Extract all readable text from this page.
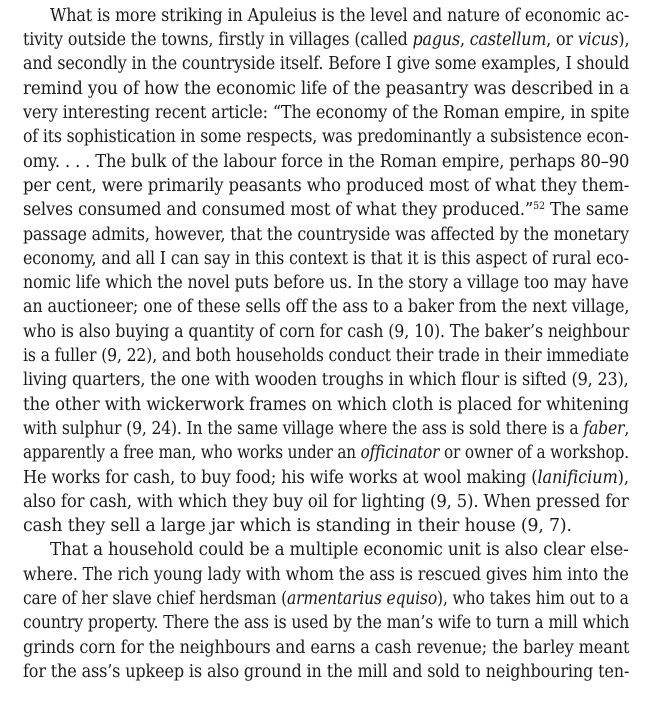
What is more striking in Apuleius is the level and nature of economic ac-
tivity outside the towns, firstly in villages (called pagus, castellum, or vicus),
and secondly in the countryside itself. Before I give some examples, I should
remind you of how the economic life of the peasantry was described in a
very interesting recent article: “The economy of the Roman empire, in spite
of its sophistication in some respects, was predominantly a subsistence econ-
omy. . . . The bulk of the labour force in the Roman empire, perhaps 80–90
per cent, were primarily peasants who produced most of what they them-
selves consumed and consumed most of what they produced.”$^{52}$ The same
passage admits, however, that the countryside was affected by the monetary
economy, and all I can say in this context is that it is this aspect of rural eco-
nomic life which the novel puts before us. In the story a village too may have
an auctioneer; one of these sells off the ass to a baker from the next village,
who is also buying a quantity of corn for cash (9, 10). The baker’s neighbour
is a fuller (9, 22), and both households conduct their trade in their immediate
living quarters, the one with wooden troughs in which flour is sifted (9, 23),
the other with wickerwork frames on which cloth is placed for whitening
with sulphur (9, 24). In the same village where the ass is sold there is a faber,
apparently a free man, who works under an officinator or owner of a workshop.
He works for cash, to buy food; his wife works at wool making (lanificium),
also for cash, with which they buy oil for lighting (9, 5). When pressed for
cash they sell a large jar which is standing in their house (9, 7).
That a household could be a multiple economic unit is also clear else-
where. The rich young lady with whom the ass is rescued gives him into the
care of her slave chief herdsman (armentarius equiso), who takes him out to a
country property. There the ass is used by the man’s wife to turn a mill which
grinds corn for the neighbours and earns a cash revenue; the barley meant
for the ass’s upkeep is also ground in the mill and sold to neighbouring ten-
